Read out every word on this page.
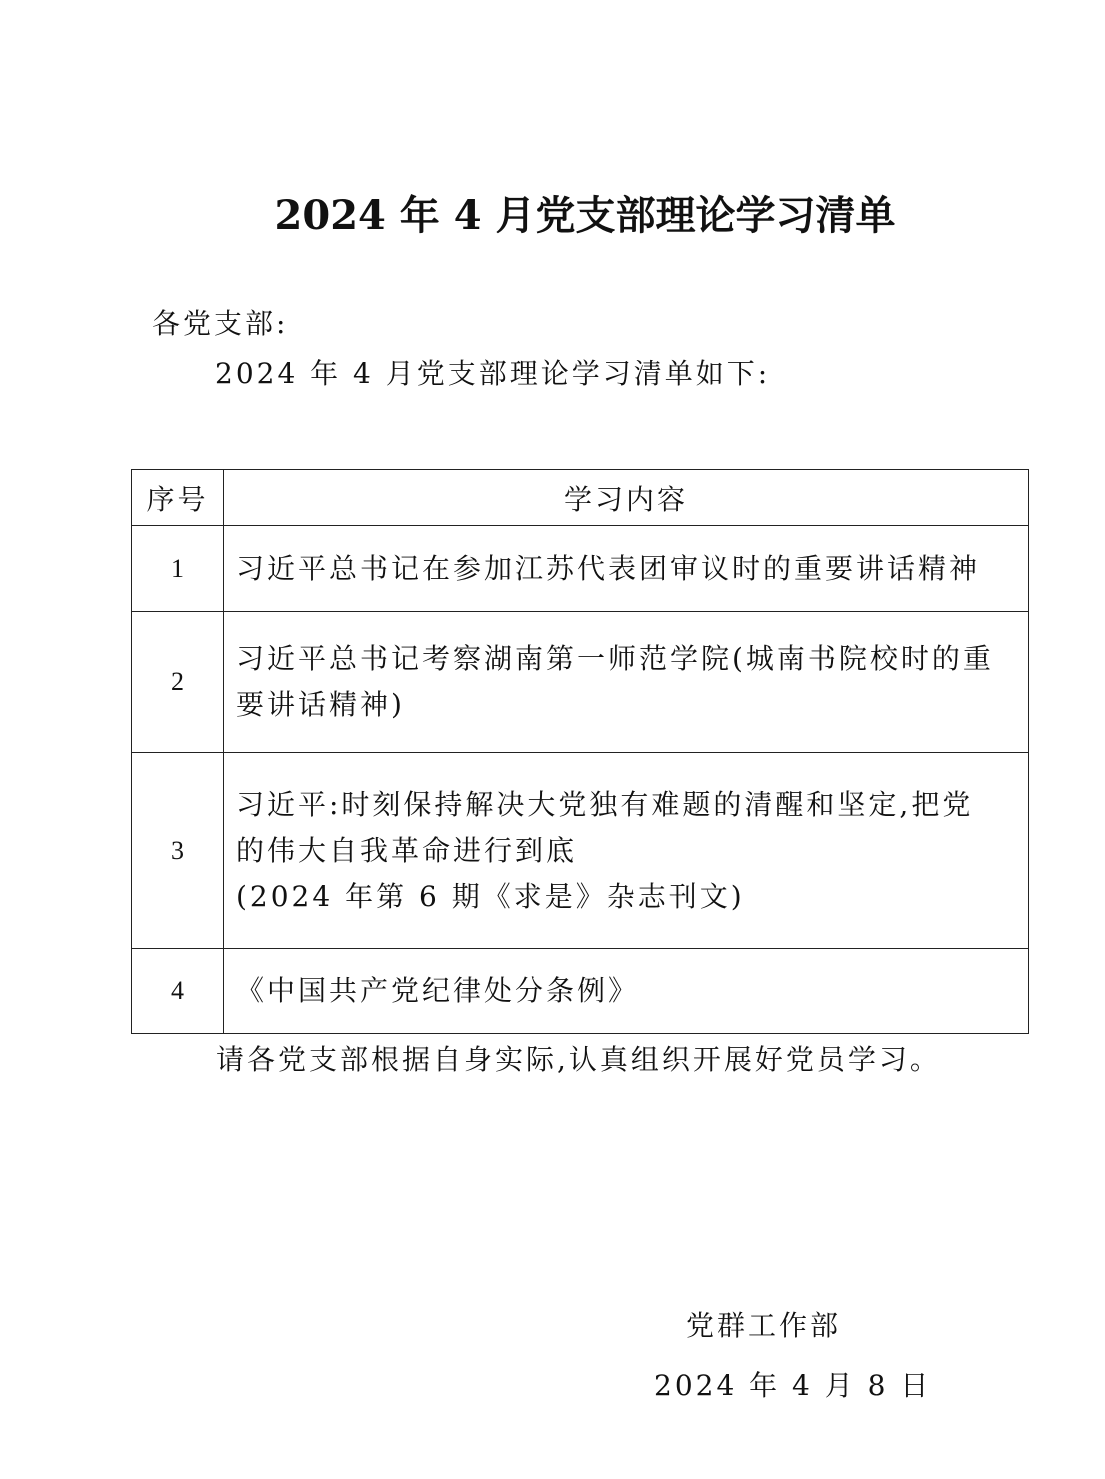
2024 年 4 月党支部理论学习清单
各党支部:
2024 年 4 月党支部理论学习清单如下:
序号	学习内容
1	习近平总书记在参加江苏代表团审议时的重要讲话精神

2	习近平总书记考察湖南第一师范学院(城南书院校时的重
要讲话精神)

3	习近平:时刻保持解决大党独有难题的清醒和坚定,把党
的伟大自我革命进行到底
(2024 年第 6 期《求是》杂志刊文)

4	《中国共产党纪律处分条例》
请各党支部根据自身实际,认真组织开展好党员学习。
党群工作部
2024 年 4 月 8 日
